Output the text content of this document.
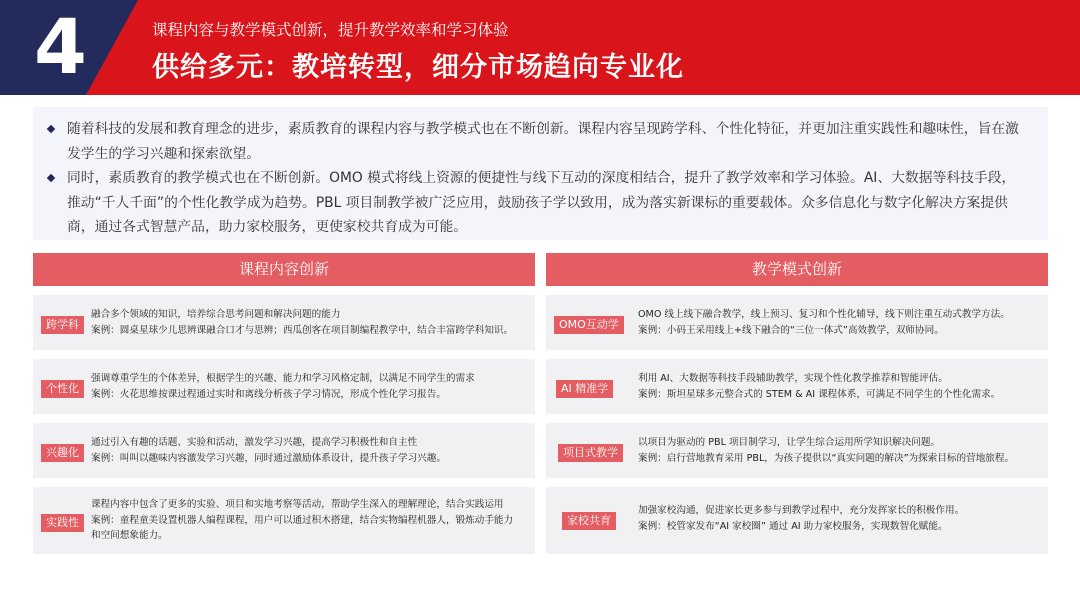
4	课程内容与教学模式创新，提升教学效率和学习体验
供给多元：教培转型，细分市场趋向专业化
随着科技的发展和教育理念的进步，素质教育的课程内容与教学模式也在不断创新。课程内容呈现跨学科、个性化特征，并更加注重实践性和趣味性，旨在激发学生的学习兴趣和探索欲望。
同时，素质教育的教学模式也在不断创新。OMO 模式将线上资源的便捷性与线下互动的深度相结合，提升了教学效率和学习体验。AI、大数据等科技手段，推动“千人千面”的个性化教学成为趋势。PBL 项目制教学被广泛应用，鼓励孩子学以致用，成为落实新课标的重要载体。众多信息化与数字化解决方案提供商，通过各式智慧产品，助力家校服务，更使家校共育成为可能。
课程内容创新
跨学科
融合多个领域的知识，培养综合思考问题和解决问题的能力
案例：圆桌星球少儿思辨课融合口才与思辨；西瓜创客在项目制编程教学中，结合丰富跨学科知识。
个性化
强调尊重学生的个体差异，根据学生的兴趣、能力和学习风格定制，以满足不同学生的需求
案例：火花思维按课过程通过实时和离线分析孩子学习情况，形成个性化学习报告。
兴趣化
通过引入有趣的话题、实验和活动，激发学习兴趣，提高学习积极性和自主性
案例：叫叫以趣味内容激发学习兴趣，同时通过激励体系设计，提升孩子学习兴趣。
实践性
课程内容中包含了更多的实验、项目和实地考察等活动，帮助学生深入的理解理论，结合实践运用
案例：童程童美设置机器人编程课程，用户可以通过积木搭建，结合实物编程机器人，锻炼动手能力
和空间想象能力。
教学模式创新
OMO互动学
OMO 线上线下融合教学，线上预习、复习和个性化辅导，线下则注重互动式教学方法。
案例：小码王采用线上+线下融合的“三位一体式”高效教学，双师协同。
AI 精准学
利用 AI、大数据等科技手段辅助教学，实现个性化教学推荐和智能评估。
案例：斯坦星球多元整合式的 STEM & AI 课程体系，可满足不同学生的个性化需求。
项目式教学
以项目为驱动的 PBL 项目制学习，让学生综合运用所学知识解决问题。
案例：启行营地教育采用 PBL，为孩子提供以“真实问题的解决”为探索目标的营地旅程。
家校共育
加强家校沟通，促进家长更多参与到教学过程中，充分发挥家长的积极作用。
案例：校管家发布“AI 家校圈” 通过 AI 助力家校服务，实现数智化赋能。
